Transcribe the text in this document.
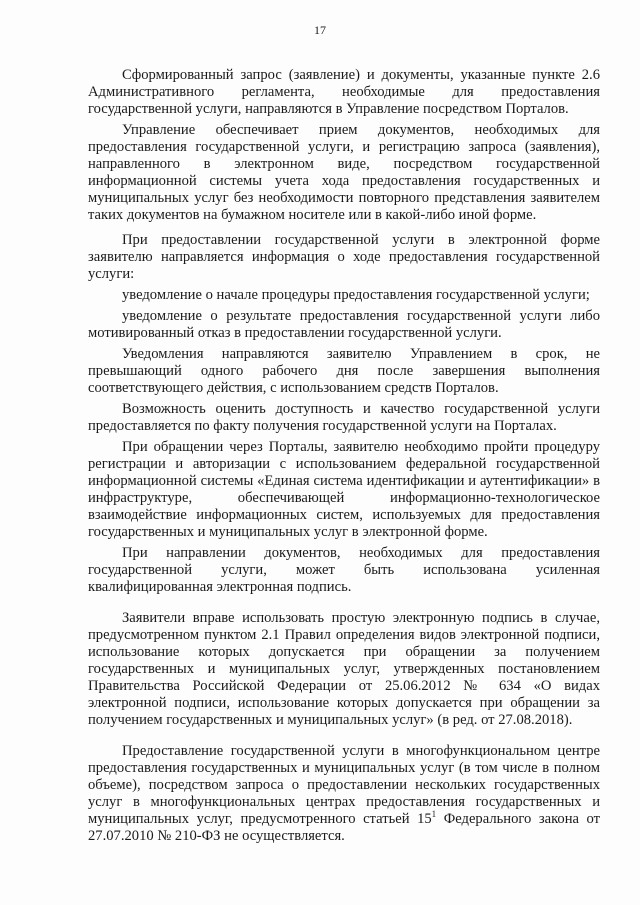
17

Сформированный запрос (заявление) и документы, указанные пункте 2.6 Административного регламента, необходимые для предоставления государственной услуги, направляются в Управление посредством Порталов.

Управление обеспечивает прием документов, необходимых для предоставления государственной услуги, и регистрацию запроса (заявления), направленного в электронном виде, посредством государственной информационной системы учета хода предоставления государственных и муниципальных услуг без необходимости повторного представления заявителем таких документов на бумажном носителе или в какой-либо иной форме.

При предоставлении государственной услуги в электронной форме заявителю направляется информация о ходе предоставления государственной услуги:

уведомление о начале процедуры предоставления государственной услуги;

уведомление о результате предоставления государственной услуги либо мотивированный отказ в предоставлении государственной услуги.

Уведомления направляются заявителю Управлением в срок, не превышающий одного рабочего дня после завершения выполнения соответствующего действия, с использованием средств Порталов.

Возможность оценить доступность и качество государственной услуги предоставляется по факту получения государственной услуги на Порталах.

При обращении через Порталы, заявителю необходимо пройти процедуру регистрации и авторизации с использованием федеральной государственной информационной системы «Единая система идентификации и аутентификации» в инфраструктуре, обеспечивающей информационно-технологическое взаимодействие информационных систем, используемых для предоставления государственных и муниципальных услуг в электронной форме.

При направлении документов, необходимых для предоставления государственной услуги, может быть использована усиленная квалифицированная электронная подпись.

Заявители вправе использовать простую электронную подпись в случае, предусмотренном пунктом 2.1 Правил определения видов электронной подписи, использование которых допускается при обращении за получением государственных и муниципальных услуг, утвержденных постановлением Правительства Российской Федерации от 25.06.2012 № 634 «О видах электронной подписи, использование которых допускается при обращении за получением государственных и муниципальных услуг» (в ред. от 27.08.2018).

Предоставление государственной услуги в многофункциональном центре предоставления государственных и муниципальных услуг (в том числе в полном объеме), посредством запроса о предоставлении нескольких государственных услуг в многофункциональных центрах предоставления государственных и муниципальных услуг, предусмотренного статьей $15^1$ Федерального закона от 27.07.2010 № 210-ФЗ не осуществляется.
